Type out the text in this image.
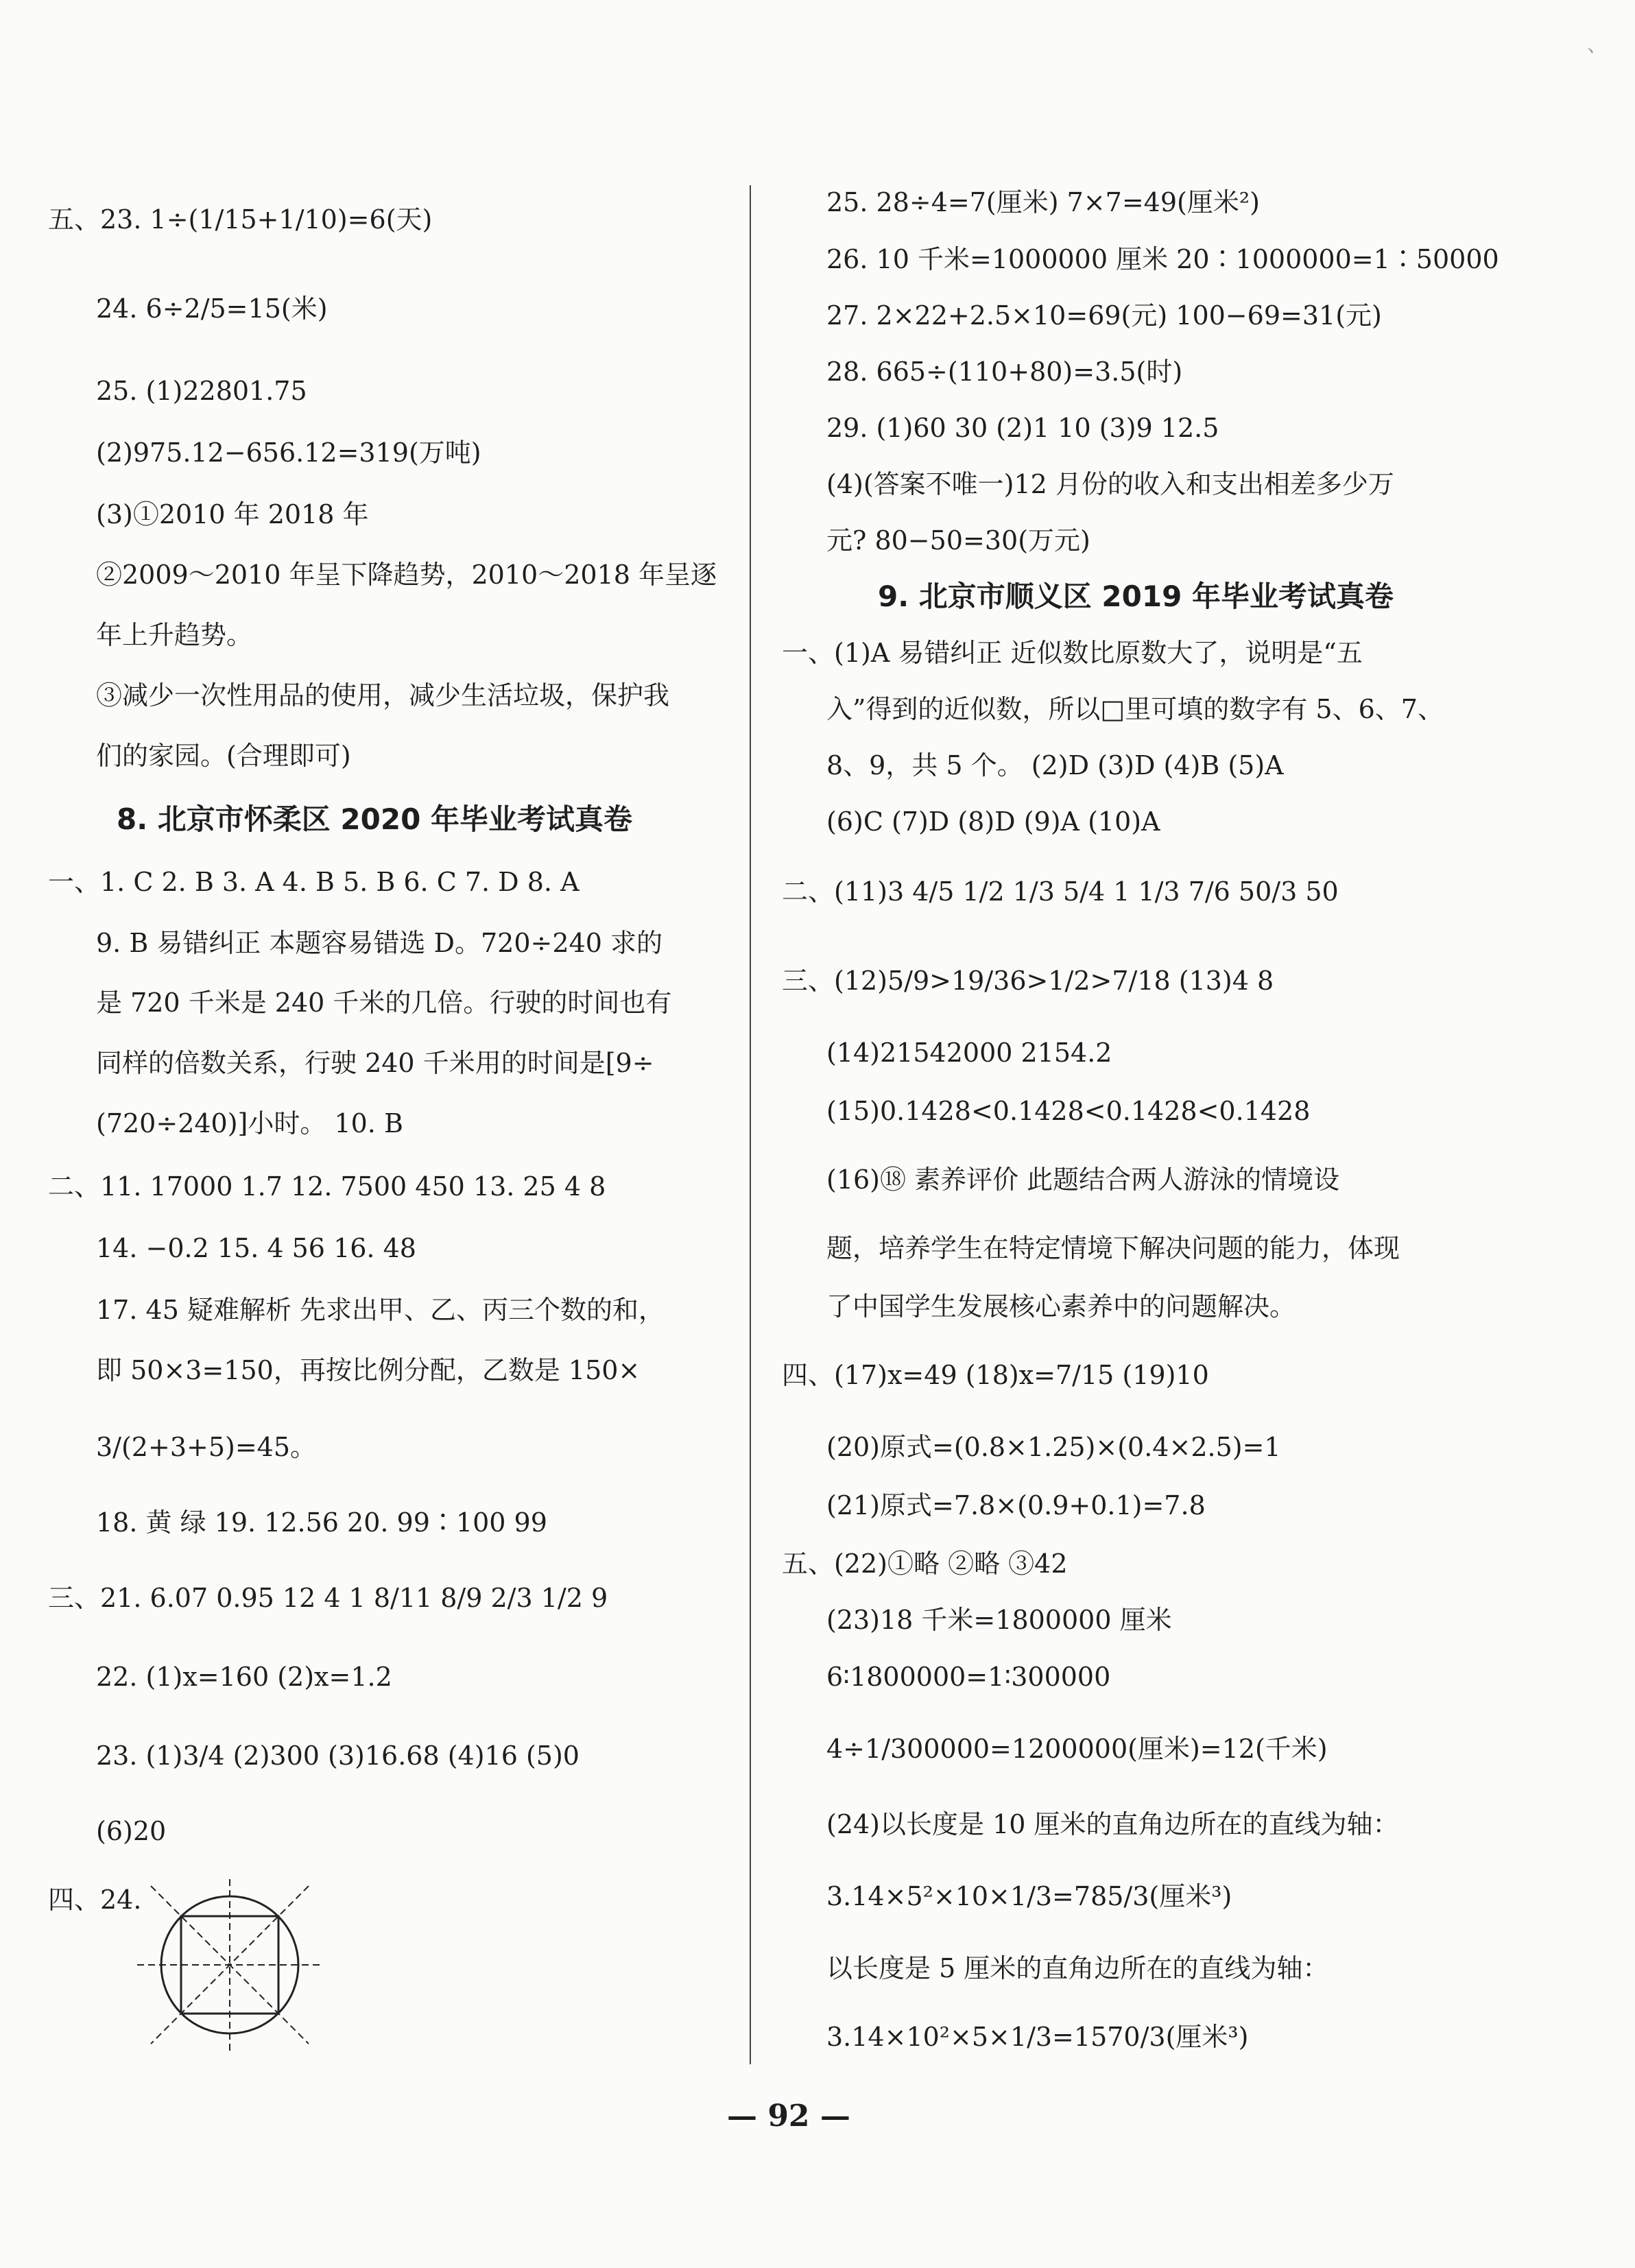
、
五、23. 1÷(1/15+1/10)=6(天)
24. 6÷2/5=15(米)
25. (1)22801.75
(2)975.12−656.12=319(万吨)
(3)①2010 年 2018 年
②2009～2010 年呈下降趋势，2010～2018 年呈逐
年上升趋势。
③减少一次性用品的使用，减少生活垃圾，保护我
们的家园。(合理即可)
8. 北京市怀柔区 2020 年毕业考试真卷
一、1. C 2. B 3. A 4. B 5. B 6. C 7. D 8. A
9. B 易错纠正 本题容易错选 D。720÷240 求的
是 720 千米是 240 千米的几倍。行驶的时间也有
同样的倍数关系，行驶 240 千米用的时间是[9÷
(720÷240)]小时。 10. B
二、11. 17000 1.7 12. 7500 450 13. 25 4 8
14. −0.2 15. 4 56 16. 48
17. 45 疑难解析 先求出甲、乙、丙三个数的和，
即 50×3=150，再按比例分配，乙数是 150×
3/(2+3+5)=45。
18. 黄 绿 19. 12.56 20. 99∶100 99
三、21. 6.07 0.95 12 4 1 8/11 8/9 2/3 1/2 9
22. (1)x=160 (2)x=1.2
23. (1)3/4 (2)300 (3)16.68 (4)16 (5)0
(6)20
四、24.
25. 28÷4=7(厘米) 7×7=49(厘米²)
26. 10 千米=1000000 厘米 20∶1000000=1∶50000
27. 2×22+2.5×10=69(元) 100−69=31(元)
28. 665÷(110+80)=3.5(时)
29. (1)60 30 (2)1 10 (3)9 12.5
(4)(答案不唯一)12 月份的收入和支出相差多少万
元? 80−50=30(万元)
9. 北京市顺义区 2019 年毕业考试真卷
一、(1)A 易错纠正 近似数比原数大了，说明是“五
入”得到的近似数，所以□里可填的数字有 5、6、7、
8、9，共 5 个。 (2)D (3)D (4)B (5)A
(6)C (7)D (8)D (9)A (10)A
二、(11)3 4/5 1/2 1/3 5/4 1 1/3 7/6 50/3 50
三、(12)5/9>19/36>1/2>7/18 (13)4 8
(14)21542000 2154.2
(15)0.1428<0.1428<0.1428<0.1428
(16)⑱ 素养评价 此题结合两人游泳的情境设
题，培养学生在特定情境下解决问题的能力，体现
了中国学生发展核心素养中的问题解决。
四、(17)x=49 (18)x=7/15 (19)10
(20)原式=(0.8×1.25)×(0.4×2.5)=1
(21)原式=7.8×(0.9+0.1)=7.8
五、(22)①略 ②略 ③42
(23)18 千米=1800000 厘米
6∶1800000=1∶300000
4÷1/300000=1200000(厘米)=12(千米)
(24)以长度是 10 厘米的直角边所在的直线为轴：
3.14×5²×10×1/3=785/3(厘米³)
以长度是 5 厘米的直角边所在的直线为轴：
3.14×10²×5×1/3=1570/3(厘米³)
— 92 —
